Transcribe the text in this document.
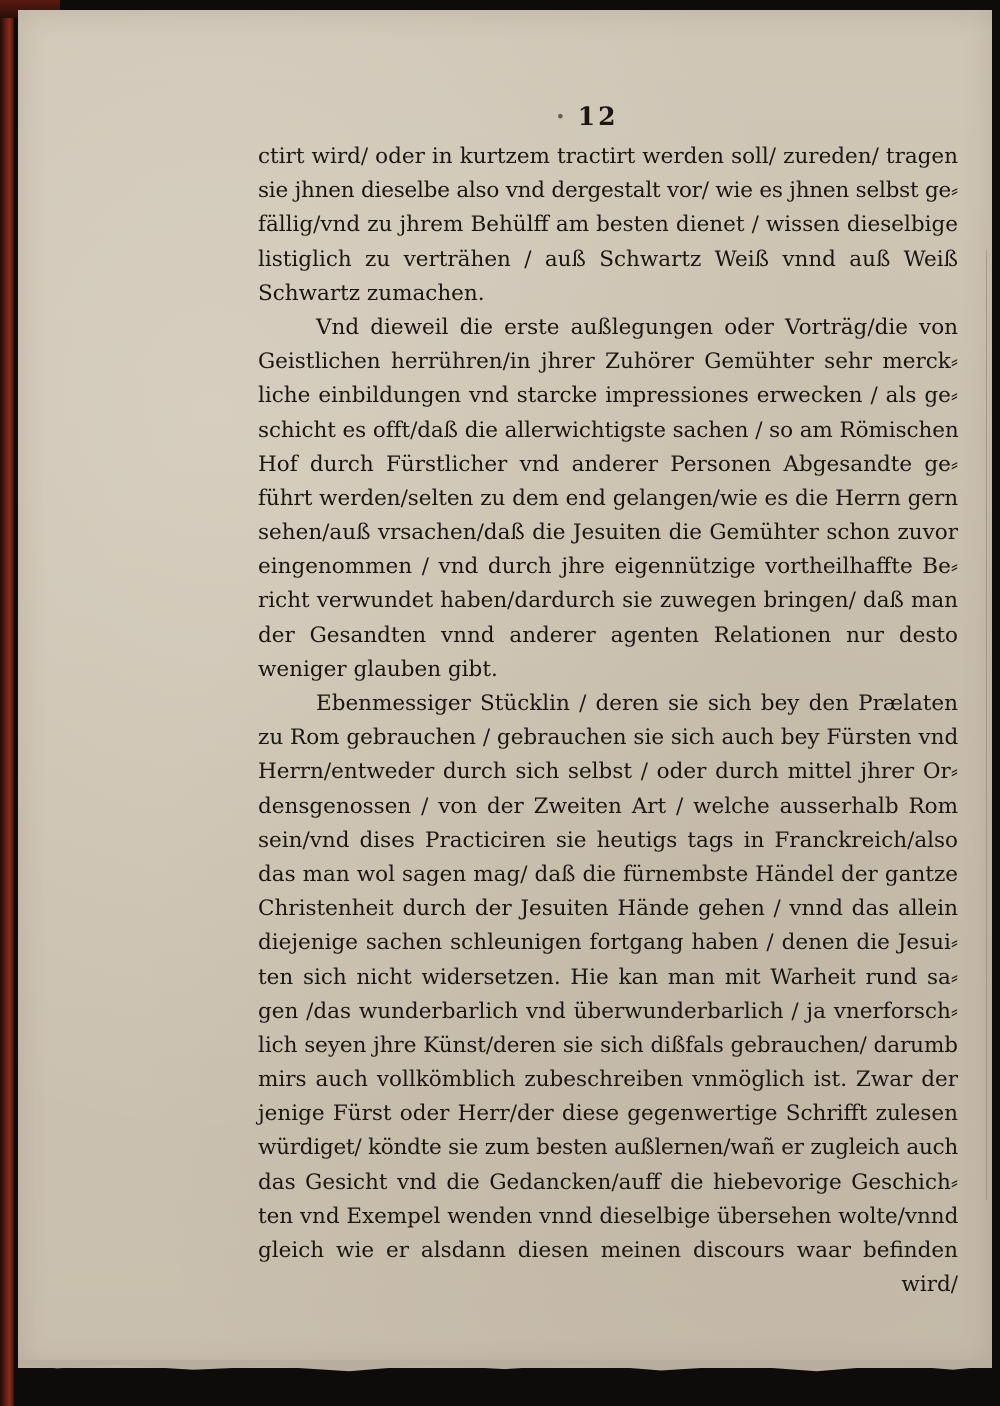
· 12
ctirt wird/ oder in kurtzem tractirt werden soll/ zureden/ tragen
sie jhnen dieselbe also vnd dergestalt vor/ wie es jhnen selbst ge⸗
fällig/vnd zu jhrem Behülff am besten dienet / wissen dieselbige
listiglich zu verträhen / auß Schwartz Weiß vnnd auß Weiß
Schwartz zumachen.
Vnd dieweil die erste außlegungen oder Vorträg/die von
Geistlichen herrühren/in jhrer Zuhörer Gemühter sehr merck⸗
liche einbildungen vnd starcke impressiones erwecken / als ge⸗
schicht es offt/daß die allerwichtigste sachen / so am Römischen
Hof durch Fürstlicher vnd anderer Personen Abgesandte ge⸗
führt werden/selten zu dem end gelangen/wie es die Herrn gern
sehen/auß vrsachen/daß die Jesuiten die Gemühter schon zuvor
eingenommen / vnd durch jhre eigennützige vortheilhaffte Be⸗
richt verwundet haben/dardurch sie zuwegen bringen/ daß man
der Gesandten vnnd anderer agenten Relationen nur desto
weniger glauben gibt.
Ebenmessiger Stücklin / deren sie sich bey den Prælaten
zu Rom gebrauchen / gebrauchen sie sich auch bey Fürsten vnd
Herrn/entweder durch sich selbst / oder durch mittel jhrer Or⸗
densgenossen / von der Zweiten Art / welche ausserhalb Rom
sein/vnd dises Practiciren sie heutigs tags in Franckreich/also
das man wol sagen mag/ daß die fürnembste Händel der gantze
Christenheit durch der Jesuiten Hände gehen / vnnd das allein
diejenige sachen schleunigen fortgang haben / denen die Jesui⸗
ten sich nicht widersetzen. Hie kan man mit Warheit rund sa⸗
gen /das wunderbarlich vnd überwunderbarlich / ja vnerforsch⸗
lich seyen jhre Künst/deren sie sich dißfals gebrauchen/ darumb
mirs auch vollkömblich zubeschreiben vnmöglich ist. Zwar der
jenige Fürst oder Herr/der diese gegenwertige Schrifft zulesen
würdiget/ köndte sie zum besten außlernen/wañ er zugleich auch
das Gesicht vnd die Gedancken/auff die hiebevorige Geschich⸗
ten vnd Exempel wenden vnnd dieselbige übersehen wolte/vnnd
gleich wie er alsdann diesen meinen discours waar befinden
wird/
